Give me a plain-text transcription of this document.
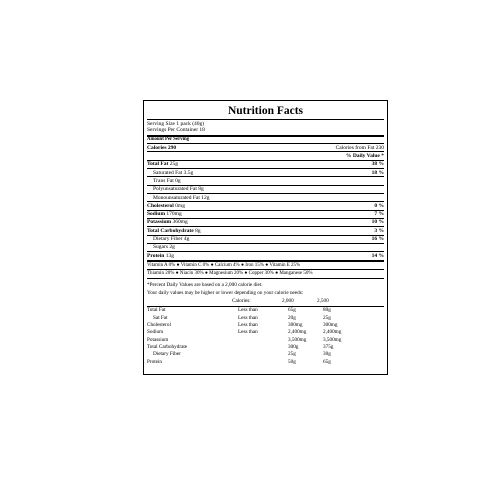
Nutrition Facts
Serving Size 1 pack (40g)
Servings Per Container 18
Amount Per Serving
Calories 290	Calories from Fat 230
% Daily Value *
Total Fat 25g	38 %
Saturated Fat 3.5g	18 %
Trans Fat 0g
Polyunsaturated Fat 8g
Monounsaturated Fat 12g
Cholesterol 0mg	0 %
Sodium 170mg	7 %
Potassium 360mg	10 %
Total Carbohydrate 8g	3 %
Dietary Fiber 4g	16 %
Sugars 2g
Protein 13g	14 %
Vitamin A 0% ● Vitamin C 0% ● Calcium 4% ● Iron 15% ● Vitamin E 25%
Thiamin 20% ● Niacin 30% ● Magnesium 20% ● Copper 30% ● Manganese 50%

*Percent Daily Values are based on a 2,000 calorie diet.

Your daily values may be higher or lower depending on your calorie needs:

	Calories:	2,000	2,500
Total Fat	Less than	65g	80g
Sat Fat	Less than	20g	25g
Cholesterol	Less than	300mg	300mg
Sodium	Less than	2,400mg	2,400mg
Potassium		3,500mg	3,500mg
Total Carbohydrate		300g	375g
Dietary Fiber		25g	30g
Protein		50g	65g
